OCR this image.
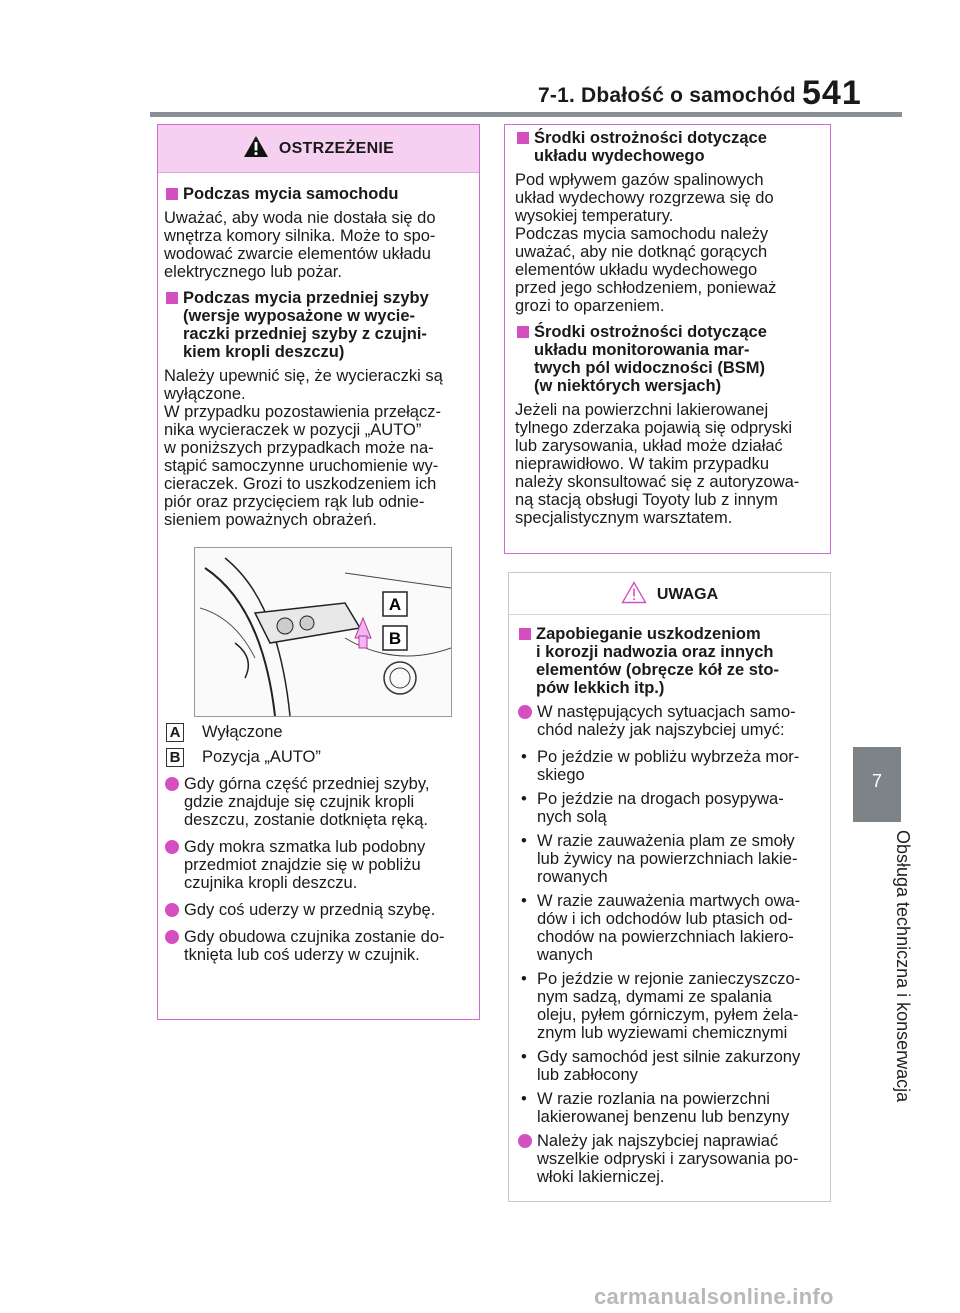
7-1. Dbałość o samochód 541
7
Obsługa techniczna i konserwacja
OSTRZEŻENIE
Podczas mycia samochodu
Uważać, aby woda nie dostała się do
wnętrza komory silnika. Może to spo-
wodować zwarcie elementów układu
elektrycznego lub pożar.
Podczas mycia przedniej szyby
(wersje wyposażone w wycie-
raczki przedniej szyby z czujni-
kiem kropli deszczu)
Należy upewnić się, że wycieraczki są
wyłączone.
W przypadku pozostawienia przełącz-
nika wycieraczek w pozycji „AUTO”
w poniższych przypadkach może na-
stąpić samoczynne uruchomienie wy-
cieraczek. Grozi to uszkodzeniem ich
piór oraz przycięciem rąk lub odnie-
sieniem poważnych obrażeń.
A
B
A Wyłączone
B Pozycja „AUTO”
Gdy górna część przedniej szyby,
gdzie znajduje się czujnik kropli
deszczu, zostanie dotknięta ręką.
Gdy mokra szmatka lub podobny
przedmiot znajdzie się w pobliżu
czujnika kropli deszczu.
Gdy coś uderzy w przednią szybę.
Gdy obudowa czujnika zostanie do-
tknięta lub coś uderzy w czujnik.
Środki ostrożności dotyczące
układu wydechowego
Pod wpływem gazów spalinowych
układ wydechowy rozgrzewa się do
wysokiej temperatury.
Podczas mycia samochodu należy
uważać, aby nie dotknąć gorących
elementów układu wydechowego
przed jego schłodzeniem, ponieważ
grozi to oparzeniem.
Środki ostrożności dotyczące
układu monitorowania mar-
twych pól widoczności (BSM)
(w niektórych wersjach)
Jeżeli na powierzchni lakierowanej
tylnego zderzaka pojawią się odpryski
lub zarysowania, układ może działać
nieprawidłowo. W takim przypadku
należy skonsultować się z autoryzowa-
ną stacją obsługi Toyoty lub z innym
specjalistycznym warsztatem.
UWAGA
Zapobieganie uszkodzeniom
i korozji nadwozia oraz innych
elementów (obręcze kół ze sto-
pów lekkich itp.)
W następujących sytuacjach samo-
chód należy jak najszybciej umyć:
• Po jeździe w pobliżu wybrzeża mor-
skiego
• Po jeździe na drogach posypywa-
nych solą
• W razie zauważenia plam ze smoły
lub żywicy na powierzchniach lakie-
rowanych
• W razie zauważenia martwych owa-
dów i ich odchodów lub ptasich od-
chodów na powierzchniach lakiero-
wanych
• Po jeździe w rejonie zanieczyszczo-
nym sadzą, dymami ze spalania
oleju, pyłem górniczym, pyłem żela-
znym lub wyziewami chemicznymi
• Gdy samochód jest silnie zakurzony
lub zabłocony
• W razie rozlania na powierzchni
lakierowanej benzenu lub benzyny
Należy jak najszybciej naprawiać
wszelkie odpryski i zarysowania po-
włoki lakierniczej.
carmanualsonline.info
